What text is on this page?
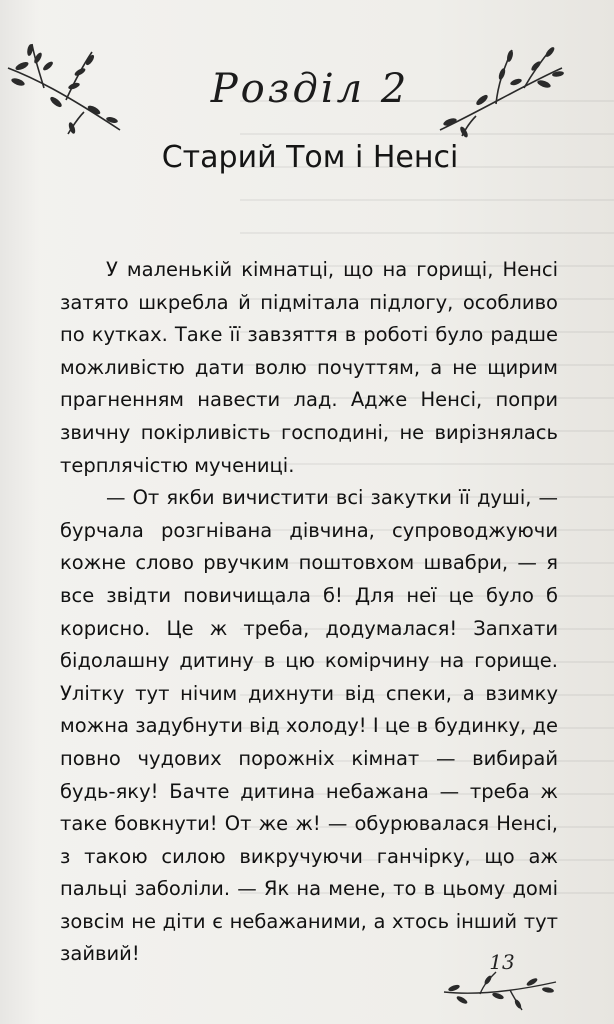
Розділ 2
Старий Том і Ненсі

У маленькій кімнатці, що на горищі, Ненсі затято шкребла й підмітала підлогу, особливо по кутках. Таке її завзяття в роботі було радше можливістю дати волю почуттям, а не щирим прагненням навести лад. Адже Ненсі, попри звичну покірливість господині, не вирізнялась терплячістю мучениці.

— От якби вичистити всі закутки її душі, — бурчала розгнівана дівчина, супроводжуючи кожне слово рвучким поштовхом швабри, — я все звідти повичищала б! Для неї це було б корисно. Це ж треба, додумалася! Запхати бідолашну дитину в цю комірчину на горище. Улітку тут нічим дихнути від спеки, а взимку можна задубнути від холоду! І це в будинку, де повно чудових порожніх кімнат — вибирай будь-яку! Бачте дитина небажана — треба ж таке бовкнути! От же ж! — обурювалася Ненсі, з такою силою викручуючи ганчірку, що аж пальці заболіли. — Як на мене, то в цьому домі зовсім не діти є небажаними, а хтось інший тут зайвий!	13
